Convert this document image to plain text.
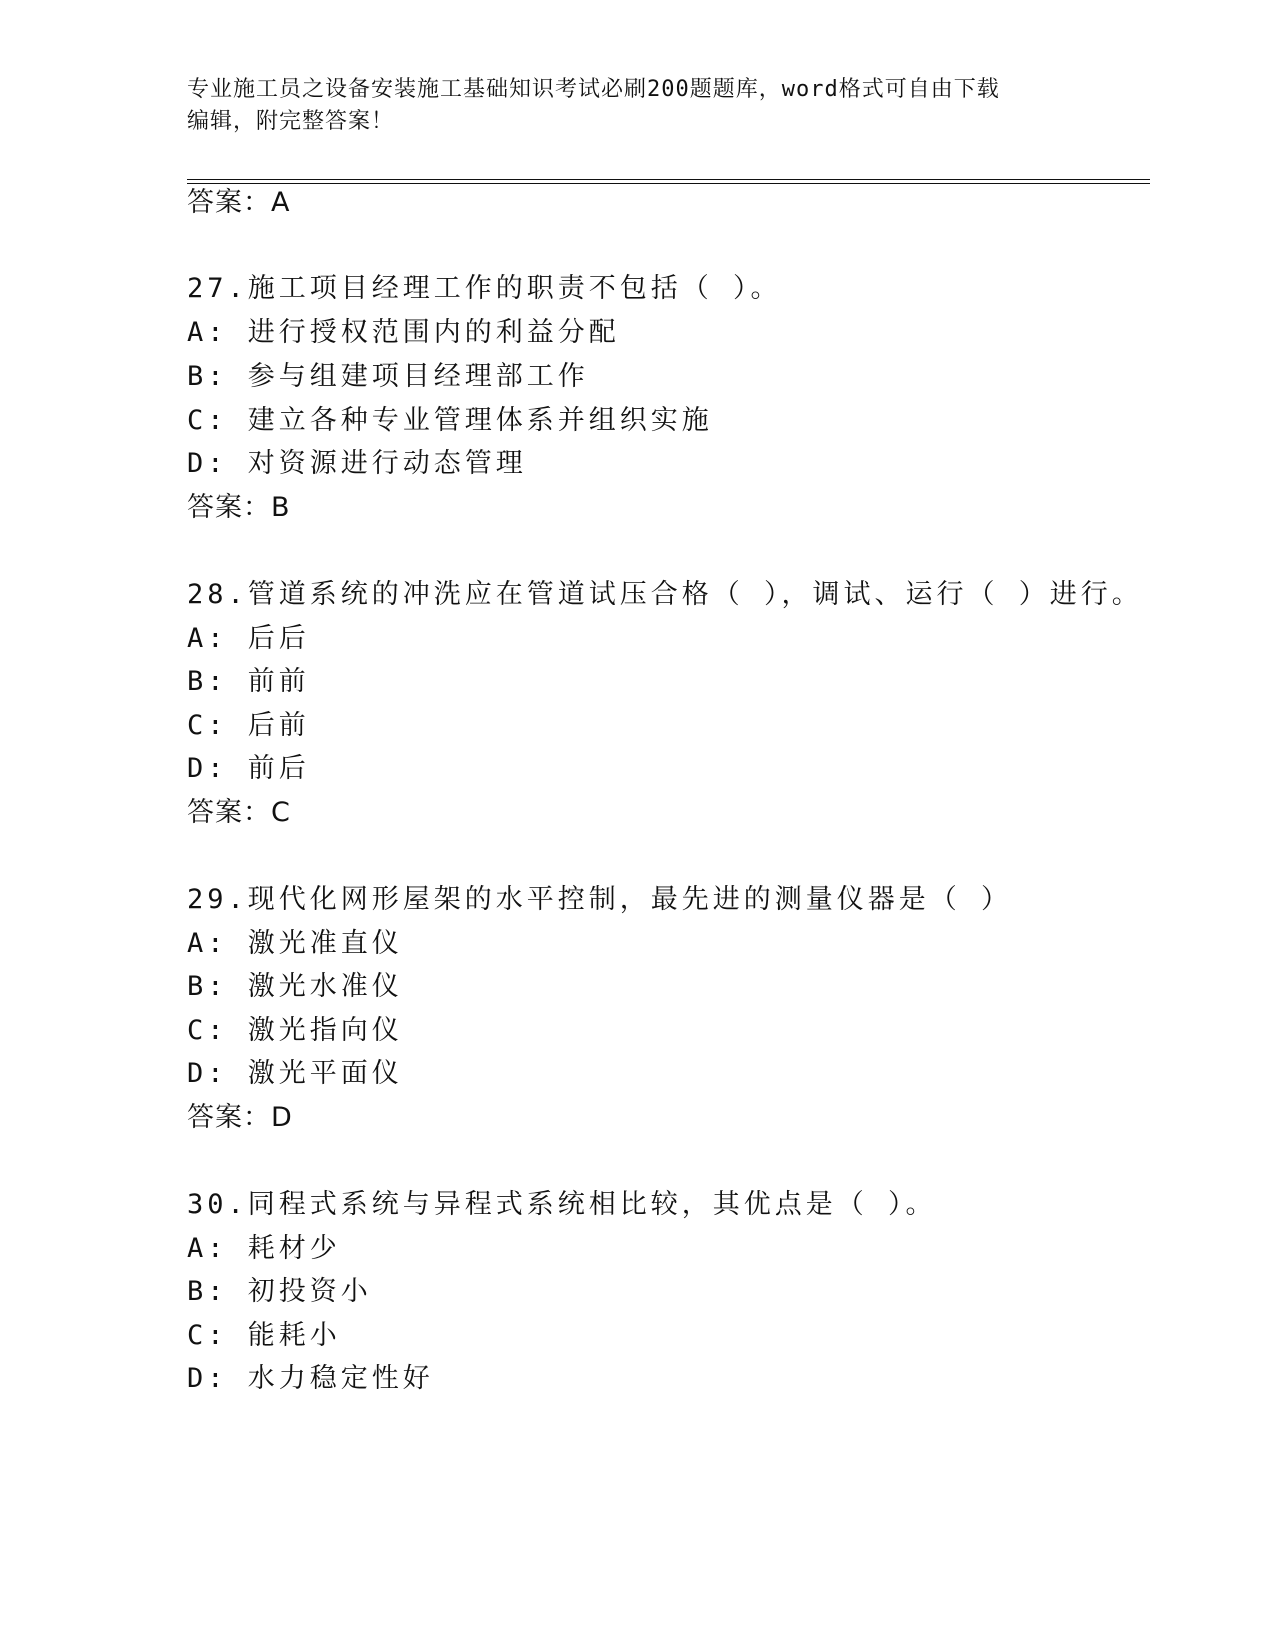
专业施工员之设备安装施工基础知识考试必刷200题题库，word格式可自由下载
编辑，附完整答案！
答案：A
27.施工项目经理工作的职责不包括（ ）。
A: 进行授权范围内的利益分配
B: 参与组建项目经理部工作
C: 建立各种专业管理体系并组织实施
D: 对资源进行动态管理
答案：B
28.管道系统的冲洗应在管道试压合格（ ），调试、运行（ ）进行。
A: 后后
B: 前前
C: 后前
D: 前后
答案：C
29.现代化网形屋架的水平控制，最先进的测量仪器是（ ）
A: 激光准直仪
B: 激光水准仪
C: 激光指向仪
D: 激光平面仪
答案：D
30.同程式系统与异程式系统相比较，其优点是（ ）。
A: 耗材少
B: 初投资小
C: 能耗小
D: 水力稳定性好
